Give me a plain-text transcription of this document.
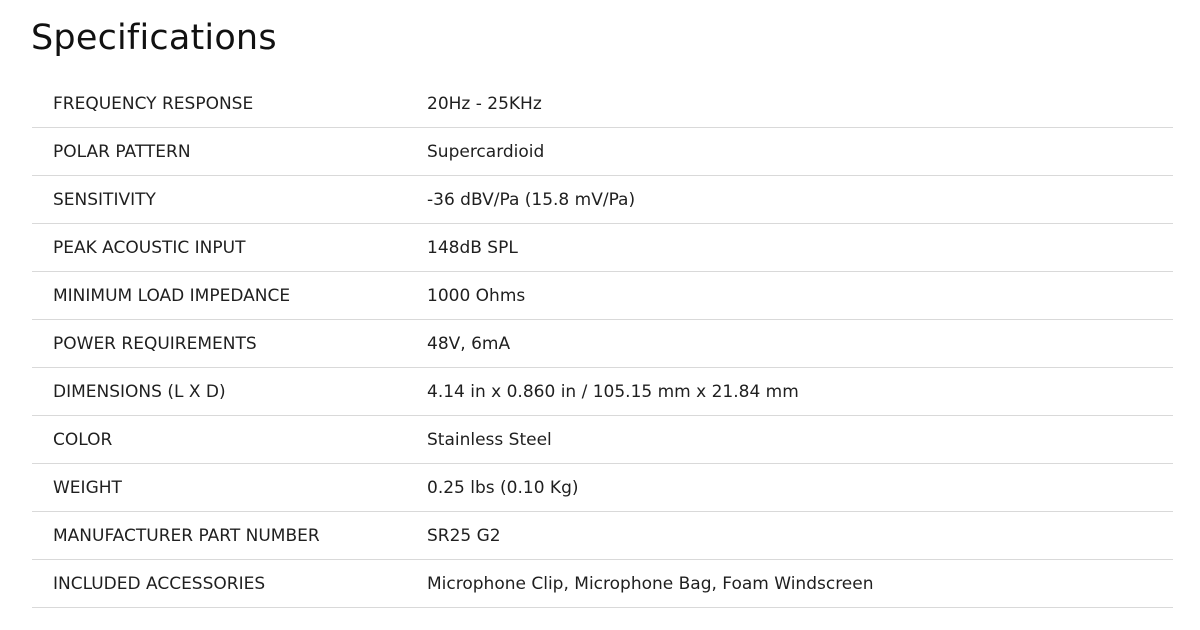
Specifications
FREQUENCY RESPONSE	20Hz - 25KHz
POLAR PATTERN	Supercardioid
SENSITIVITY	-36 dBV/Pa (15.8 mV/Pa)
PEAK ACOUSTIC INPUT	148dB SPL
MINIMUM LOAD IMPEDANCE	1000 Ohms
POWER REQUIREMENTS	48V, 6mA
DIMENSIONS (L X D)	4.14 in x 0.860 in / 105.15 mm x 21.84 mm
COLOR	Stainless Steel
WEIGHT	0.25 lbs (0.10 Kg)
MANUFACTURER PART NUMBER	SR25 G2
INCLUDED ACCESSORIES	Microphone Clip, Microphone Bag, Foam Windscreen
